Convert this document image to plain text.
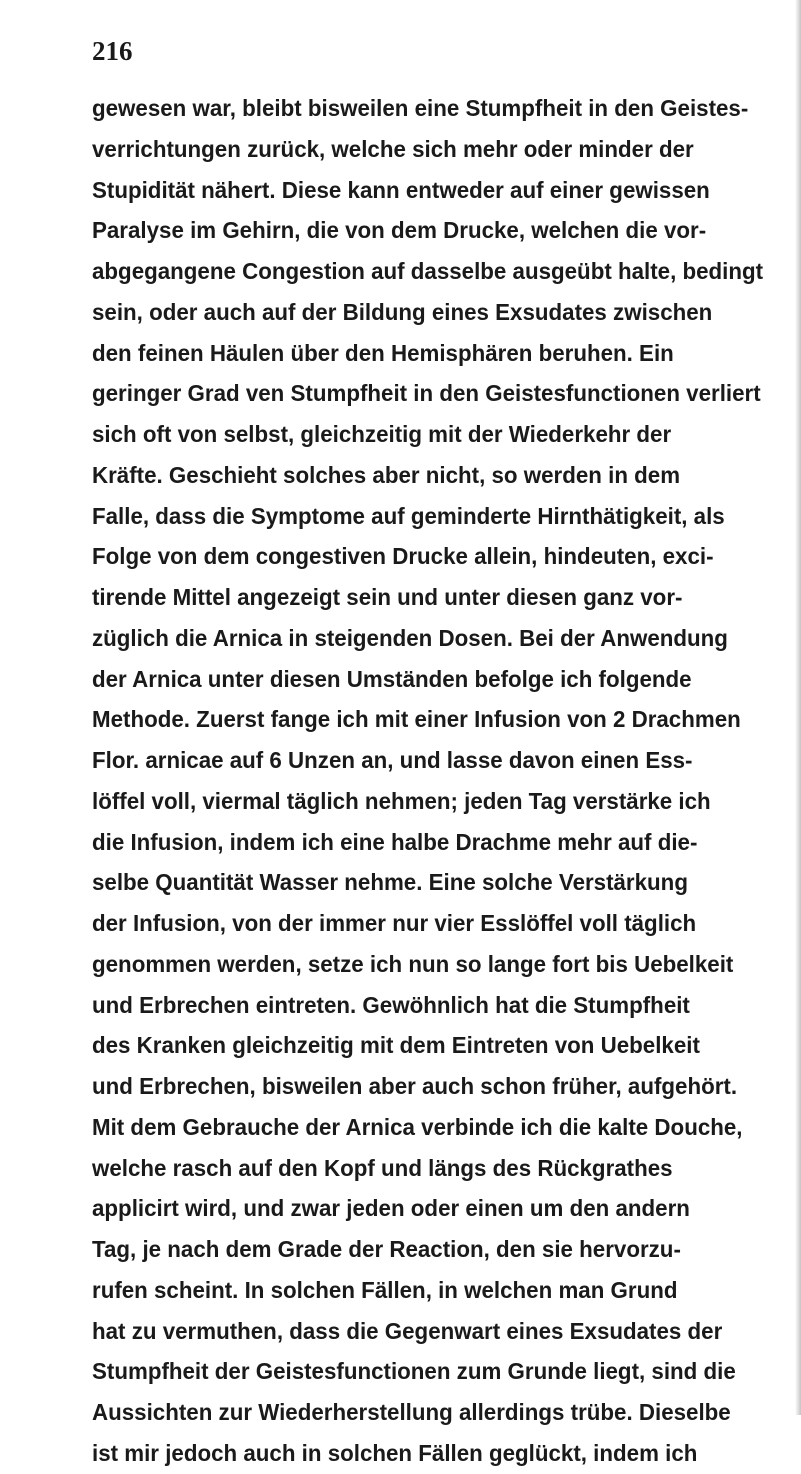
216
gewesen war, bleibt bisweilen eine Stumpfheit in den Geistes-
verrichtungen zurück, welche sich mehr oder minder der
Stupidität nähert. Diese kann entweder auf einer gewissen
Paralyse im Gehirn, die von dem Drucke, welchen die vor-
abgegangene Congestion auf dasselbe ausgeübt halte, bedingt
sein, oder auch auf der Bildung eines Exsudates zwischen
den feinen Häulen über den Hemisphären beruhen. Ein
geringer Grad ven Stumpfheit in den Geistesfunctionen verliert
sich oft von selbst, gleichzeitig mit der Wiederkehr der
Kräfte. Geschieht solches aber nicht, so werden in dem
Falle, dass die Symptome auf geminderte Hirnthätigkeit, als
Folge von dem congestiven Drucke allein, hindeuten, exci-
tirende Mittel angezeigt sein und unter diesen ganz vor-
züglich die Arnica in steigenden Dosen. Bei der Anwendung
der Arnica unter diesen Umständen befolge ich folgende
Methode. Zuerst fange ich mit einer Infusion von 2 Drachmen
Flor. arnicae auf 6 Unzen an, und lasse davon einen Ess-
löffel voll, viermal täglich nehmen; jeden Tag verstärke ich
die Infusion, indem ich eine halbe Drachme mehr auf die-
selbe Quantität Wasser nehme. Eine solche Verstärkung
der Infusion, von der immer nur vier Esslöffel voll täglich
genommen werden, setze ich nun so lange fort bis Uebelkeit
und Erbrechen eintreten. Gewöhnlich hat die Stumpfheit
des Kranken gleichzeitig mit dem Eintreten von Uebelkeit
und Erbrechen, bisweilen aber auch schon früher, aufgehört.
Mit dem Gebrauche der Arnica verbinde ich die kalte Douche,
welche rasch auf den Kopf und längs des Rückgrathes
applicirt wird, und zwar jeden oder einen um den andern
Tag, je nach dem Grade der Reaction, den sie hervorzu-
rufen scheint. In solchen Fällen, in welchen man Grund
hat zu vermuthen, dass die Gegenwart eines Exsudates der
Stumpfheit der Geistesfunctionen zum Grunde liegt, sind die
Aussichten zur Wiederherstellung allerdings trübe. Dieselbe
ist mir jedoch auch in solchen Fällen geglückt, indem ich
